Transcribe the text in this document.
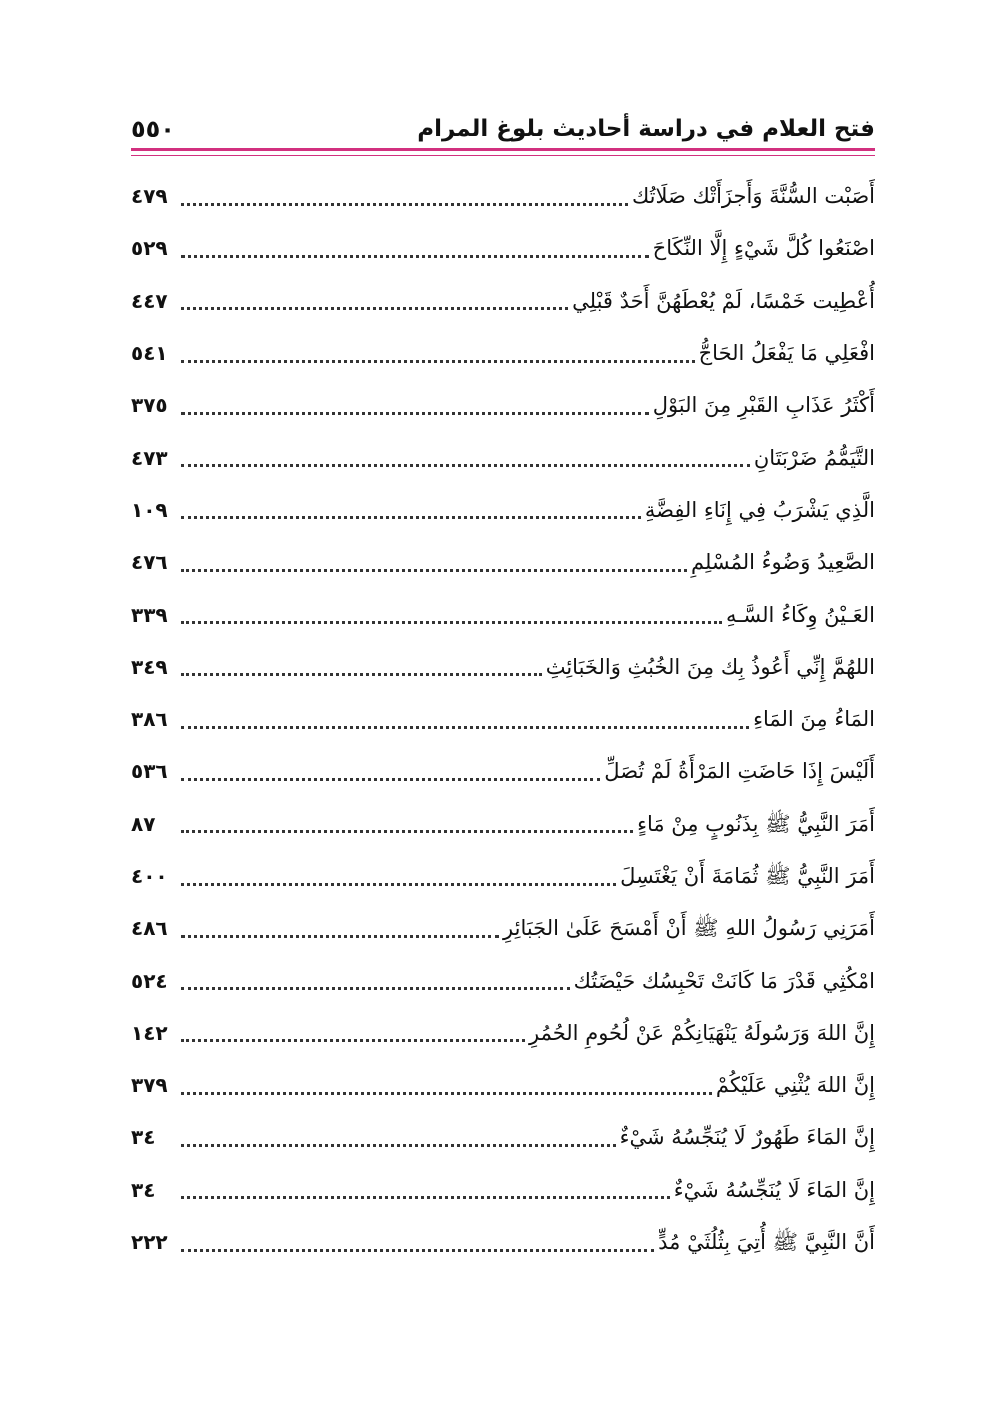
فتح العلام في دراسة أحاديث بلوغ المرام
٥٥٠
أَصَبْت السُّنَّةَ وَأَجزَأَتْك صَلَاتُك
٤٧٩
اصْنَعُوا كُلَّ شَيْءٍ إِلَّا النِّكَاحَ
٥٢٩
أُعْطِيت خَمْسًا، لَمْ يُعْطَهُنَّ أَحَدٌ قَبْلِي
٤٤٧
افْعَلِي مَا يَفْعَلُ الحَاجُّ
٥٤١
أَكْثَرُ عَذَابِ القَبْرِ مِنَ البَوْلِ
٣٧٥
التَّيَمُّمُ ضَرْبَتَانِ
٤٧٣
الَّذِي يَشْرَبُ فِي إِنَاءِ الفِضَّةِ
١٠٩
الصَّعِيدُ وَضُوءُ المُسْلِمِ
٤٧٦
العَـيْنُ وِكَاءُ السَّـهِ
٣٣٩
اللهُمَّ إِنِّي أَعُوذُ بِك مِنَ الخُبُثِ وَالخَبَائِثِ
٣٤٩
المَاءُ مِنَ المَاءِ
٣٨٦
أَلَيْسَ إِذَا حَاضَتِ المَرْأَةُ لَمْ تُصَلِّ
٥٣٦
أَمَرَ النَّبِيُّ ﷺ بِذَنُوبٍ مِنْ مَاءٍ
٨٧
أَمَرَ النَّبِيُّ ﷺ ثُمَامَةَ أَنْ يَغْتَسِلَ
٤٠٠
أَمَرَنِي رَسُولُ اللهِ ﷺ أَنْ أَمْسَحَ عَلَىٰ الجَبَائِرِ
٤٨٦
امْكُثِي قَدْرَ مَا كَانَتْ تَحْبِسُك حَيْضَتُك
٥٢٤
إِنَّ اللهَ وَرَسُولَهُ يَنْهَيَانِكُمْ عَنْ لُحُومِ الحُمُرِ
١٤٢
إِنَّ اللهَ يُثْنِي عَلَيْكُمْ
٣٧٩
إِنَّ المَاءَ طَهُورٌ لَا يُنَجِّسُهُ شَيْءٌ
٣٤
إِنَّ المَاءَ لَا يُنَجِّسُهُ شَيْءٌ
٣٤
أَنَّ النَّبِيَّ ﷺ أُتِيَ بِثُلُثَيْ مُدٍّ
٢٢٢
